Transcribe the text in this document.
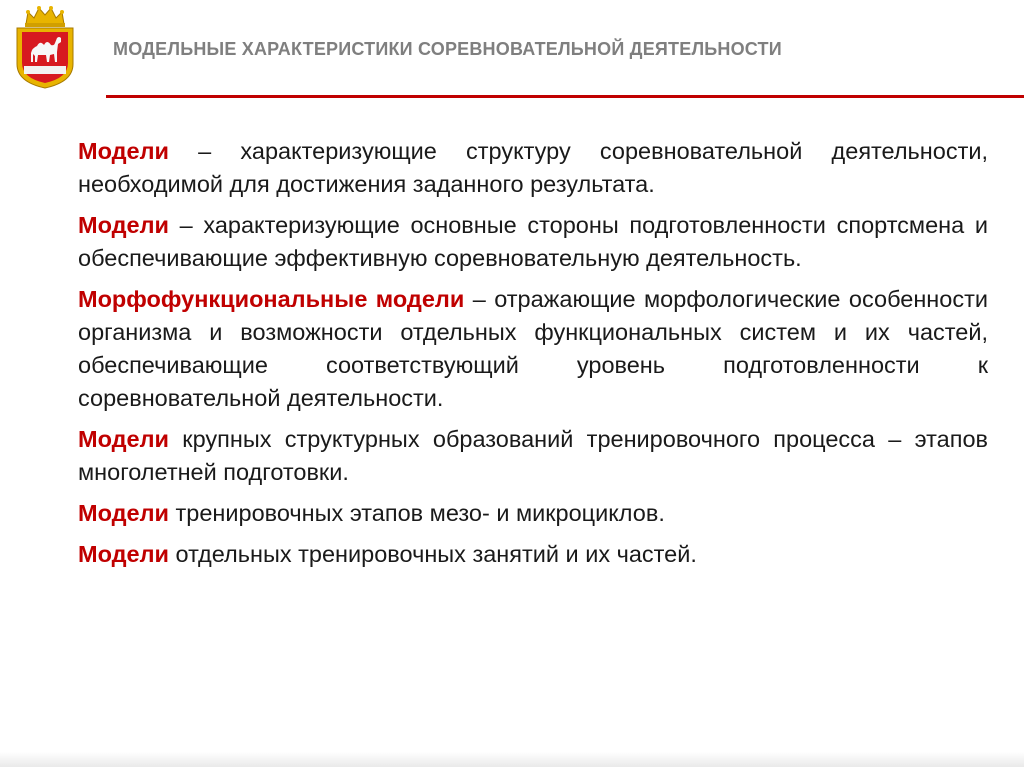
МОДЕЛЬНЫЕ ХАРАКТЕРИСТИКИ СОРЕВНОВАТЕЛЬНОЙ ДЕЯТЕЛЬНОСТИ

Модели – характеризующие структуру соревновательной деятельности, необходимой для достижения заданного результата.

Модели – характеризующие основные стороны подготовленности спортсмена и обеспечивающие эффективную соревновательную деятельность.

Морфофункциональные модели – отражающие морфологические особенности организма и возможности отдельных функциональных систем и их частей, обеспечивающие соответствующий уровень подготовленности к соревновательной деятельности.

Модели крупных структурных образований тренировочного процесса – этапов многолетней подготовки.

Модели тренировочных этапов мезо- и микроциклов.

Модели отдельных тренировочных занятий и их частей.
